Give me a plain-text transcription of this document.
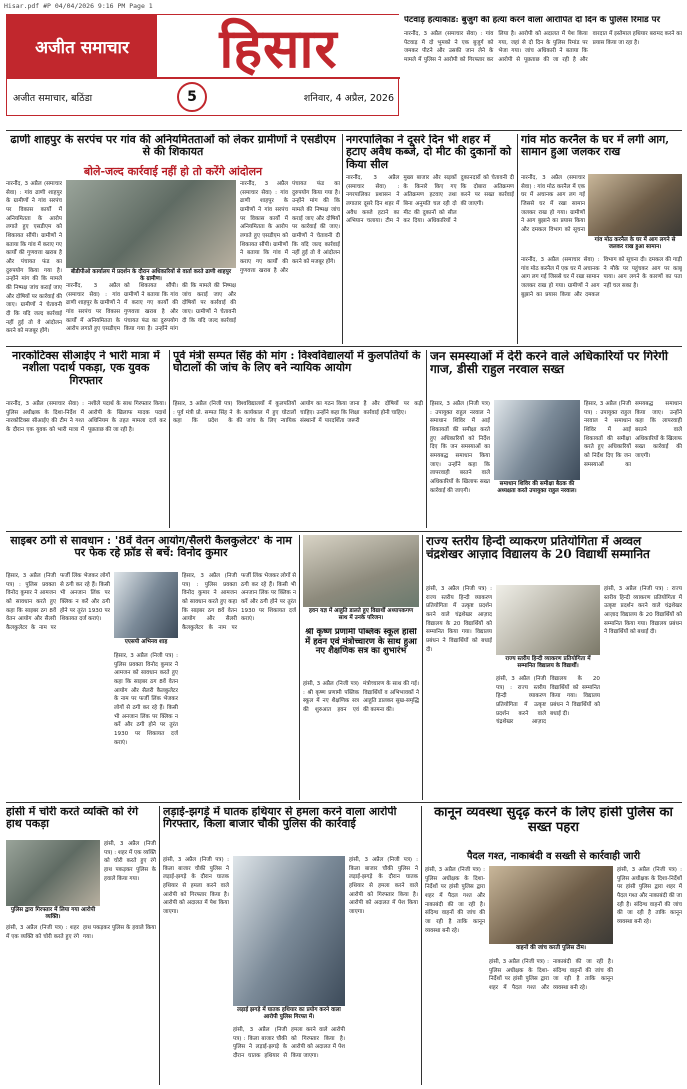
Hisar.pdf #P 04/04/2026 9:16 PM Page 1
अजीत समाचार	हिसार
अजीत समाचार, बठिंडा	5	शनिवार, 4 अप्रैल, 2026
पेटवाड़ हत्याकांड: बुजुर्ग की हत्या करने वाला आरोपित दो दिन के पुलिस रिमांड पर
नारनौंद, 3 अप्रैल (समाचार सेवा) : गांव पेटवाड़ में दो भुमको ने एक बुजुर्ग को जमकर पीटने और उसकी जान लेने के मामले में पुलिस ने आरोपी को गिरफ्तार कर लिया है। आरोपी को अदालत में पेश किया गया, जहां से दो दिन के पुलिस रिमांड पर भेजा गया। जांच अधिकारी ने बताया कि आरोपी से पूछताछ की जा रही है और वारदात में इस्तेमाल हथियार बरामद करने का प्रयास किया जा रहा है।
ढाणी शाहपुर के सरपंच पर गांव की अनियमितताओं को लेकर ग्रामीणों ने एसडीएम से की शिकायत
बोले-जल्द कार्रवाई नहीं हो तो करेंगे आंदोलन
नारनौंद, 3 अप्रैल (समाचार सेवा) : गांव ढाणी शाहपुर के ग्रामीणों ने गांव सरपंच पर विकास कार्यों में अनियमितता के आरोप लगाते हुए एसडीएम को शिकायत सौंपी। ग्रामीणों ने बताया कि गांव में कराए गए कार्यों की गुणवत्ता खराब है और पंचायत फंड का दुरुपयोग किया गया है। उन्होंने मांग की कि मामले की निष्पक्ष जांच कराई जाए और दोषियों पर कार्रवाई की जाए। ग्रामीणों ने चेतावनी दी कि यदि जल्द कार्रवाई नहीं हुई तो वे आंदोलन करने को मजबूर होंगे।
बीडीपीओ कार्यालय में प्रदर्शन के दौरान अधिकारियों से वार्ता करते ढाणी शाहपुर के ग्रामीण।
नारनौंद, 3 अप्रैल (समाचार सेवा) : गांव ढाणी शाहपुर के ग्रामीणों ने गांव सरपंच पर विकास कार्यों में अनियमितता के आरोप लगाते हुए एसडीएम को शिकायत सौंपी। ग्रामीणों ने बताया कि गांव में कराए गए कार्यों की गुणवत्ता खराब है और पंचायत फंड का दुरुपयोग किया गया है। उन्होंने मांग की कि मामले की निष्पक्ष जांच कराई जाए और दोषियों पर कार्रवाई की जाए। ग्रामीणों ने चेतावनी दी कि यदि जल्द कार्रवाई
नारनौंद, 3 अप्रैल (समाचार सेवा) : गांव ढाणी शाहपुर के ग्रामीणों ने गांव सरपंच पर विकास कार्यों में अनियमितता के आरोप लगाते हुए एसडीएम को शिकायत सौंपी। ग्रामीणों ने बताया कि गांव में कराए गए कार्यों की गुणवत्ता खराब है और पंचायत फंड का दुरुपयोग किया गया है। उन्होंने मांग की कि मामले की निष्पक्ष जांच कराई जाए और दोषियों पर कार्रवाई की जाए। ग्रामीणों ने चेतावनी दी कि यदि जल्द कार्रवाई नहीं हुई तो वे आंदोलन करने को मजबूर होंगे।
नगरपालिका ने दूसरे दिन भी शहर में हटाए अवैध कब्जे, दो मीट की दुकानों को किया सील
नारनौंद, 3 अप्रैल (समाचार सेवा) : नगरपालिका प्रशासन ने लगातार दूसरे दिन शहर में अवैध कब्जे हटाने का अभियान चलाया। टीम ने मुख्य बाजार और सड़कों के किनारे किए गए अतिक्रमण हटवाए तथा बिना अनुमति चल रही दो मीट की दुकानों को सील कर दिया। अधिकारियों ने दुकानदारों को चेतावनी दी कि दोबारा अतिक्रमण करने पर सख्त कार्रवाई की जाएगी।
गांव मोठ करनैल के घर में लगी आग, सामान हुआ जलकर राख
नारनौंद, 3 अप्रैल (समाचार सेवा) : गांव मोठ करनैल में एक घर में अचानक आग लग गई जिससे घर में रखा सामान जलकर राख हो गया। ग्रामीणों ने आग बुझाने का प्रयास किया और दमकल विभाग को सूचना
गांव मोठ करनैल के घर में आग लगने से जलकर राख हुआ सामान।
नारनौंद, 3 अप्रैल (समाचार सेवा) : गांव मोठ करनैल में एक घर में अचानक आग लग गई जिससे घर में रखा सामान जलकर राख हो गया। ग्रामीणों ने आग बुझाने का प्रयास किया और दमकल विभाग को सूचना दी। दमकल की गाड़ी ने मौके पर पहुंचकर आग पर काबू पाया। आग लगने के कारणों का पता नहीं चल सका है।
नारकोटिक्स सीआईए ने भारी मात्रा में नशीला पदार्थ पकड़ा, एक युवक गिरफ्तार
नारनौंद, 3 अप्रैल (समाचार सेवा) : पुलिस अधीक्षक के दिशा-निर्देश में नारकोटिक्स सीआईए की टीम ने गश्त के दौरान एक युवक को भारी मात्रा में नशीले पदार्थ के साथ गिरफ्तार किया। आरोपी के खिलाफ मादक पदार्थ अधिनियम के तहत मामला दर्ज कर पूछताछ की जा रही है।
पूर्व मंत्री सम्पत सिंह की मांग : विश्वविद्यालयों में कुलपतियों के घोटालों की जांच के लिए बने न्यायिक आयोग
हिसार, 3 अप्रैल (निजी पत्र) : पूर्व मंत्री प्रो. सम्पत सिंह ने कहा कि प्रदेश के विश्वविद्यालयों में कुलपतियों के कार्यकाल में हुए घोटालों की जांच के लिए न्यायिक आयोग का गठन किया जाना चाहिए। उन्होंने कहा कि शिक्षा संस्थानों में पारदर्शिता जरूरी है और दोषियों पर कड़ी कार्रवाई होनी चाहिए।
जन समस्याओं में देरी करने वाले अधिकारियों पर गिरेगी गाज, डीसी राहुल नरवाल सख्त
हिसार, 3 अप्रैल (निजी पत्र) : उपायुक्त राहुल नरवाल ने समाधान शिविर में आई शिकायतों की समीक्षा करते हुए अधिकारियों को निर्देश दिए कि जन समस्याओं का समयबद्ध समाधान किया जाए। उन्होंने कहा कि लापरवाही बरतने वाले अधिकारियों के खिलाफ सख्त कार्रवाई की जाएगी।
समाधान शिविर की समीक्षा बैठक की अध्यक्षता करते उपायुक्त राहुल नरवाल।
हिसार, 3 अप्रैल (निजी पत्र) : उपायुक्त राहुल नरवाल ने समाधान शिविर में आई शिकायतों की समीक्षा करते हुए अधिकारियों को निर्देश दिए कि जन समस्याओं का समयबद्ध समाधान किया जाए। उन्होंने कहा कि लापरवाही बरतने वाले अधिकारियों के खिलाफ सख्त कार्रवाई की जाएगी।
साइबर ठगी से सावधान : '8वें वेतन आयोग/सैलरी कैलकुलेटर' के नाम पर फेक रहे फ्रॉड से बचें: विनोद कुमार
हिसार, 3 अप्रैल (निजी पत्र) : पुलिस प्रवक्ता विनोद कुमार ने आमजन को सावधान करते हुए कहा कि साइबर ठग 8वें वेतन आयोग और सैलरी कैलकुलेटर के नाम पर फर्जी लिंक भेजकर लोगों से ठगी कर रहे हैं। किसी भी अनजान लिंक पर क्लिक न करें और ठगी होने पर तुरंत 1930 पर शिकायत दर्ज कराएं।
एएसपी अभिनव शाह
हिसार, 3 अप्रैल (निजी पत्र) : पुलिस प्रवक्ता विनोद कुमार ने आमजन को सावधान करते हुए कहा कि साइबर ठग 8वें वेतन आयोग और सैलरी कैलकुलेटर के नाम पर फर्जी लिंक भेजकर लोगों से ठगी कर रहे हैं। किसी भी अनजान लिंक पर क्लिक न करें और ठगी होने पर तुरंत 1930 पर शिकायत दर्ज कराएं।
हिसार, 3 अप्रैल (निजी पत्र) : पुलिस प्रवक्ता विनोद कुमार ने आमजन को सावधान करते हुए कहा कि साइबर ठग 8वें वेतन आयोग और सैलरी कैलकुलेटर के नाम पर फर्जी लिंक भेजकर लोगों से ठगी कर रहे हैं। किसी भी अनजान लिंक पर क्लिक न करें और ठगी होने पर तुरंत 1930 पर शिकायत दर्ज कराएं।
हवन यज्ञ में आहुति डालते हुए विद्यार्थी अध्यापकगण साथ में उनके परिजन।
श्री कृष्ण प्रणामी पब्लिक स्कूल हांसी में हवन एवं मंत्रोच्चारण के साथ हुआ नए शैक्षणिक सत्र का शुभारंभ
हांसी, 3 अप्रैल (निजी पत्र) : श्री कृष्ण प्रणामी पब्लिक स्कूल में नए शैक्षणिक सत्र की शुरुआत हवन एवं मंत्रोच्चारण के साथ की गई। विद्यार्थियों व अभिभावकों ने आहुति डालकर सुख-समृद्धि की कामना की।
राज्य स्तरीय हिन्दी व्याकरण प्रतियोगिता में अव्वल चंद्रशेखर आज़ाद विद्यालय के 20 विद्यार्थी सम्मानित
हांसी, 3 अप्रैल (निजी पत्र) : राज्य स्तरीय हिन्दी व्याकरण प्रतियोगिता में उत्कृष्ट प्रदर्शन करने वाले चंद्रशेखर आज़ाद विद्यालय के 20 विद्यार्थियों को सम्मानित किया गया। विद्यालय प्रबंधन ने विद्यार्थियों को बधाई दी।
राज्य स्तरीय हिन्दी व्याकरण प्रतियोगिता में सम्मानित विद्यालय के विद्यार्थी।
हांसी, 3 अप्रैल (निजी पत्र) : राज्य स्तरीय हिन्दी व्याकरण प्रतियोगिता में उत्कृष्ट प्रदर्शन करने वाले चंद्रशेखर आज़ाद विद्यालय के 20 विद्यार्थियों को सम्मानित किया गया। विद्यालय प्रबंधन ने विद्यार्थियों को बधाई दी।
हांसी, 3 अप्रैल (निजी पत्र) : राज्य स्तरीय हिन्दी व्याकरण प्रतियोगिता में उत्कृष्ट प्रदर्शन करने वाले चंद्रशेखर आज़ाद विद्यालय के 20 विद्यार्थियों को सम्मानित किया गया। विद्यालय प्रबंधन ने विद्यार्थियों को बधाई दी।
हांसी में चोरी करते व्यक्ति को रंगे हाथ पकड़ा
पुलिस द्वारा गिरफ्तार में लिया गया आरोपी व्यक्ति।
हांसी, 3 अप्रैल (निजी पत्र) : शहर में एक व्यक्ति को चोरी करते हुए रंगे हाथ पकड़कर पुलिस के हवाले किया गया।
हांसी, 3 अप्रैल (निजी पत्र) : शहर में एक व्यक्ति को चोरी करते हुए रंगे हाथ पकड़कर पुलिस के हवाले किया गया।
लड़ाई-झगड़े में घातक हथियार से हमला करने वाला आरोपी गिरफ्तार, किला बाजार चौकी पुलिस की कार्रवाई
हांसी, 3 अप्रैल (निजी पत्र) : किला बाजार चौकी पुलिस ने लड़ाई-झगड़े के दौरान घातक हथियार से हमला करने वाले आरोपी को गिरफ्तार किया है। आरोपी को अदालत में पेश किया जाएगा।
लड़ाई झगड़े में घातक हथियार का प्रयोग करने वाला आरोपी पुलिस गिरफ्त में।
हांसी, 3 अप्रैल (निजी पत्र) : किला बाजार चौकी पुलिस ने लड़ाई-झगड़े के दौरान घातक हथियार से हमला करने वाले आरोपी को गिरफ्तार किया है। आरोपी को अदालत में पेश किया जाएगा।
हांसी, 3 अप्रैल (निजी पत्र) : किला बाजार चौकी पुलिस ने लड़ाई-झगड़े के दौरान घातक हथियार से हमला करने वाले आरोपी को गिरफ्तार किया है। आरोपी को अदालत में पेश किया जाएगा।
कानून व्यवस्था सुदृढ़ करने के लिए हांसी पुलिस का सख्त पहरा
पैदल गश्त, नाकाबंदी व सख्ती से कार्रवाही जारी
हांसी, 3 अप्रैल (निजी पत्र) : पुलिस अधीक्षक के दिशा-निर्देशों पर हांसी पुलिस द्वारा शहर में पैदल गश्त और नाकाबंदी की जा रही है। संदिग्ध वाहनों की जांच की जा रही है ताकि कानून व्यवस्था बनी रहे।
वाहनों की जांच करती पुलिस टीम।
हांसी, 3 अप्रैल (निजी पत्र) : पुलिस अधीक्षक के दिशा-निर्देशों पर हांसी पुलिस द्वारा शहर में पैदल गश्त और नाकाबंदी की जा रही है। संदिग्ध वाहनों की जांच की जा रही है ताकि कानून व्यवस्था बनी रहे।
हांसी, 3 अप्रैल (निजी पत्र) : पुलिस अधीक्षक के दिशा-निर्देशों पर हांसी पुलिस द्वारा शहर में पैदल गश्त और नाकाबंदी की जा रही है। संदिग्ध वाहनों की जांच की जा रही है ताकि कानून व्यवस्था बनी रहे।
